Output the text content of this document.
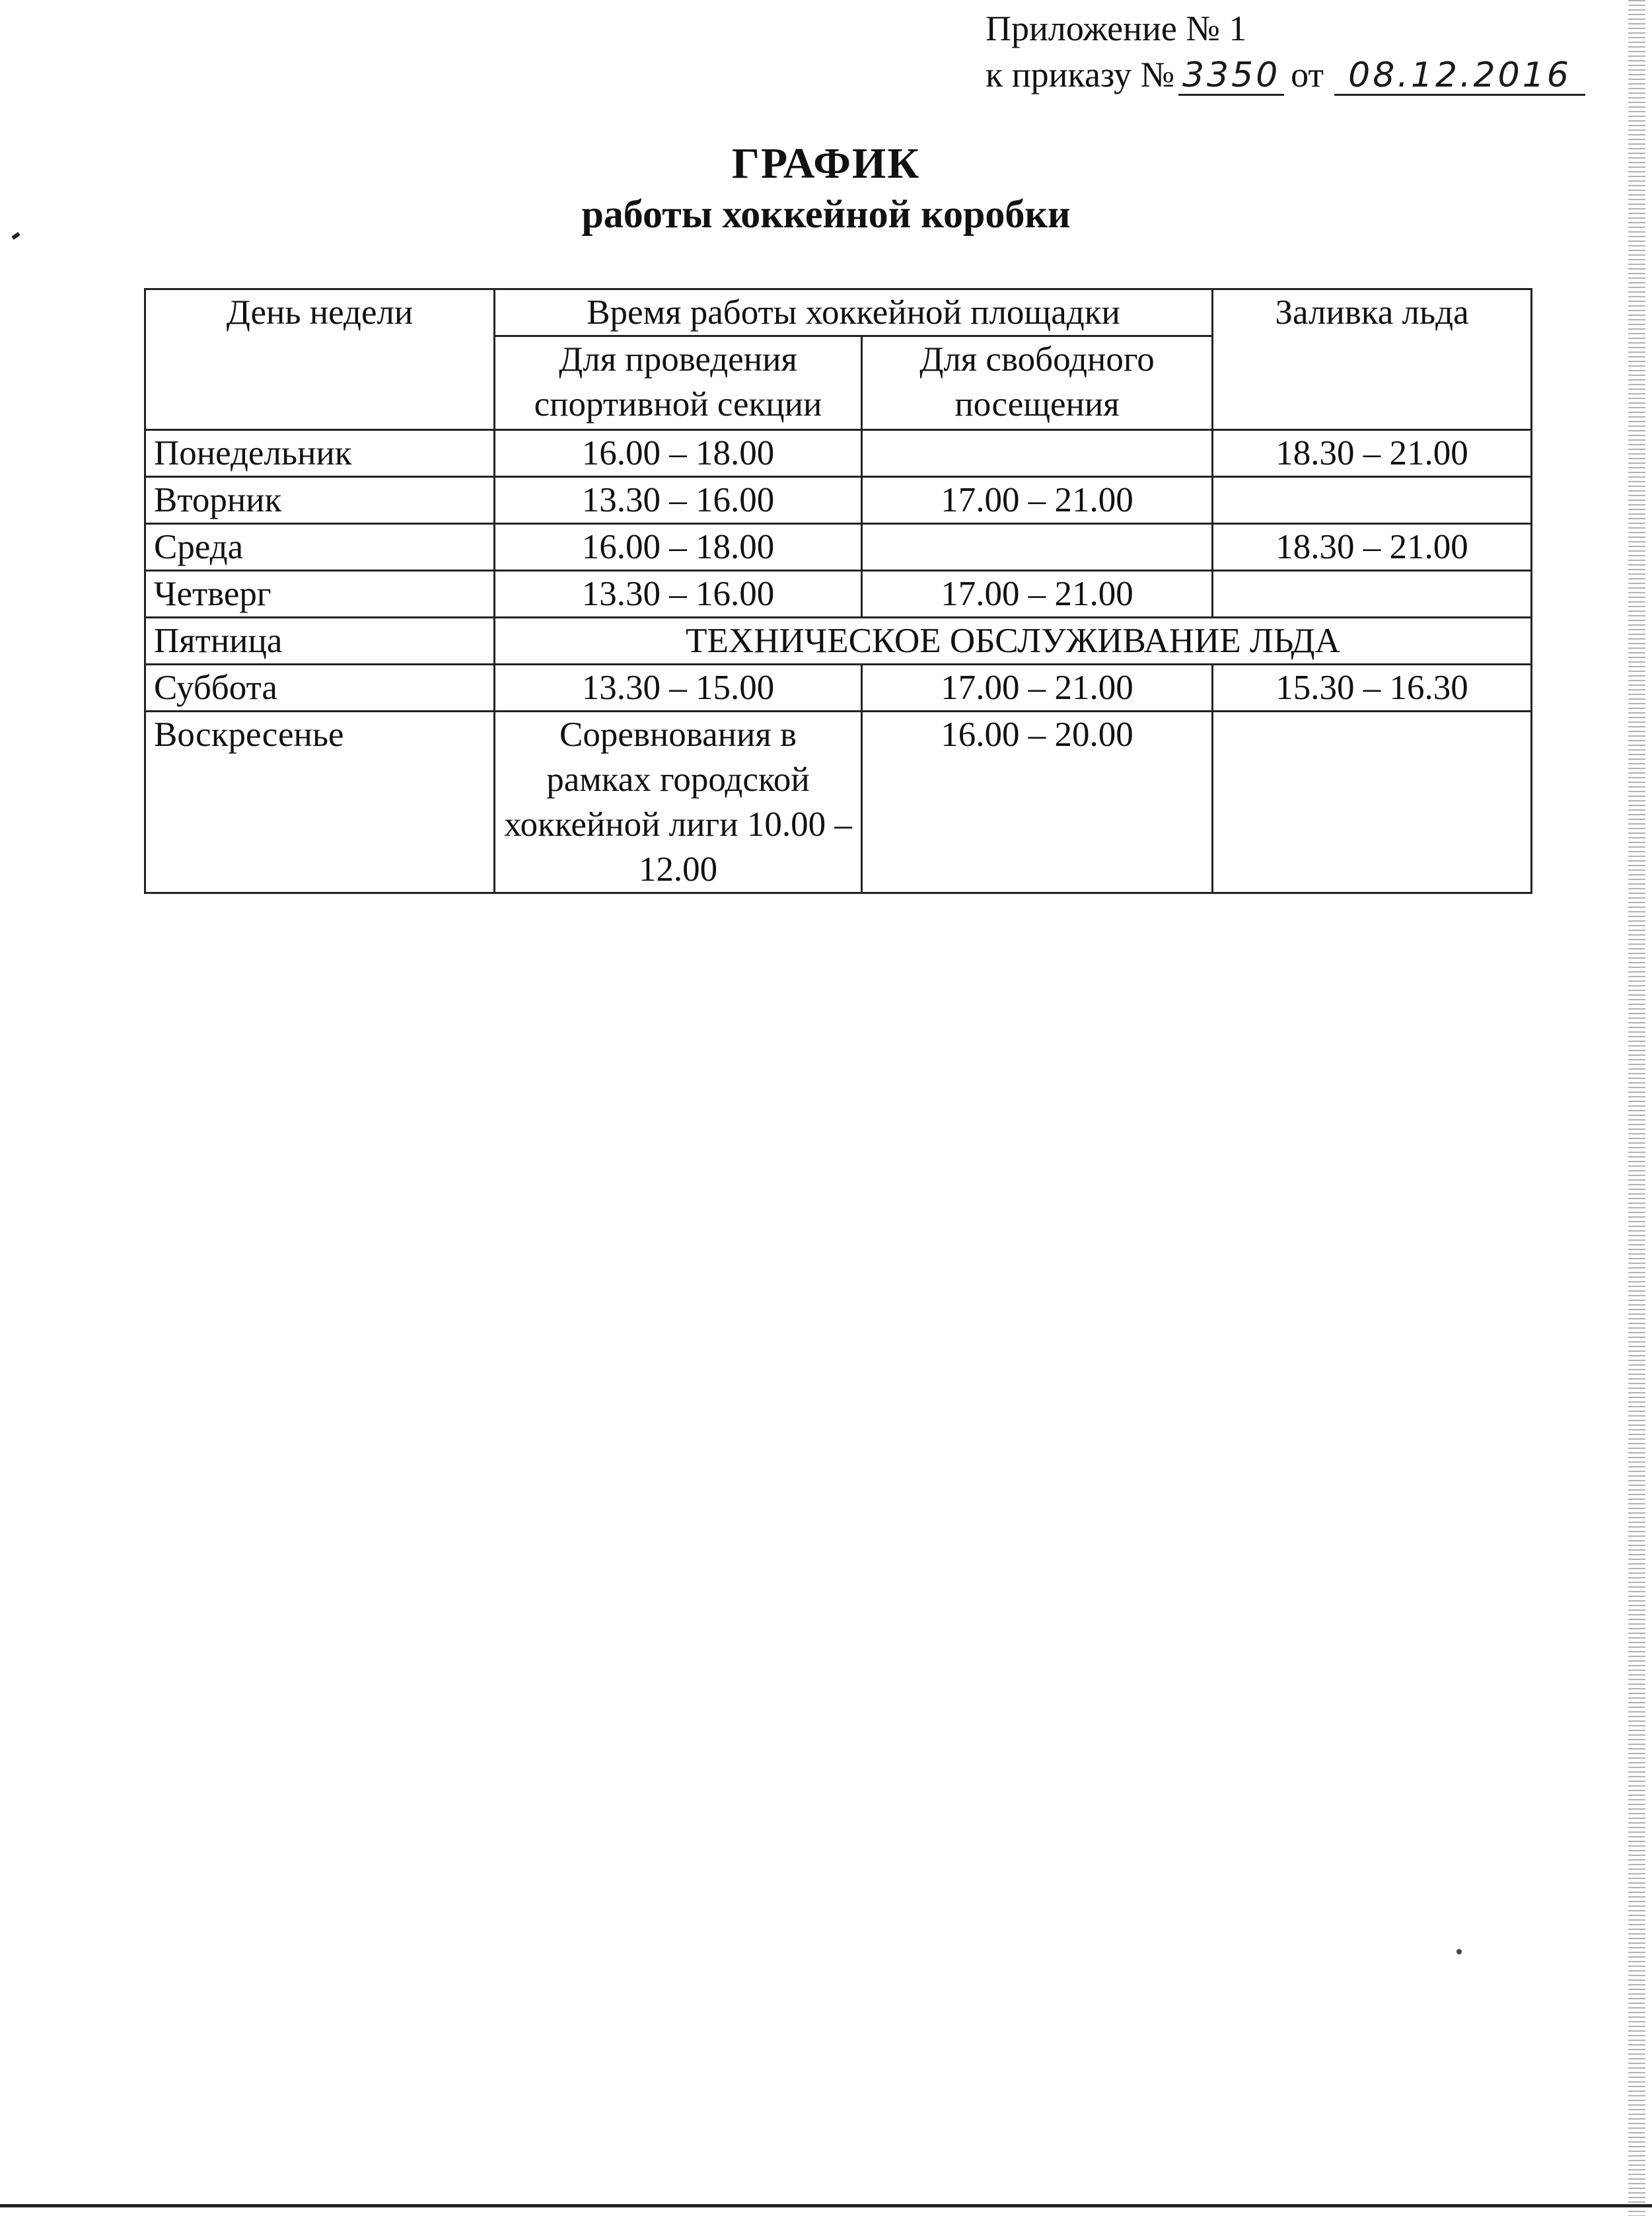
Приложение № 1
к приказу № 3350 от 08.12.2016
ГРАФИК
работы хоккейной коробки
День недели	Время работы хоккейной площадки		Заливка льда
	Для проведения спортивной секции	Для свободного посещения	
Понедельник	16.00 – 18.00		18.30 – 21.00
Вторник	13.30 – 16.00	17.00 – 21.00	
Среда	16.00 – 18.00		18.30 – 21.00
Четверг	13.30 – 16.00	17.00 – 21.00	
Пятница	ТЕХНИЧЕСКОЕ ОБСЛУЖИВАНИЕ ЛЬДА		
Суббота	13.30 – 15.00	17.00 – 21.00	15.30 – 16.30
Воскресенье	Соревнования в рамках городской хоккейной лиги 10.00 – 12.00	16.00 – 20.00	
